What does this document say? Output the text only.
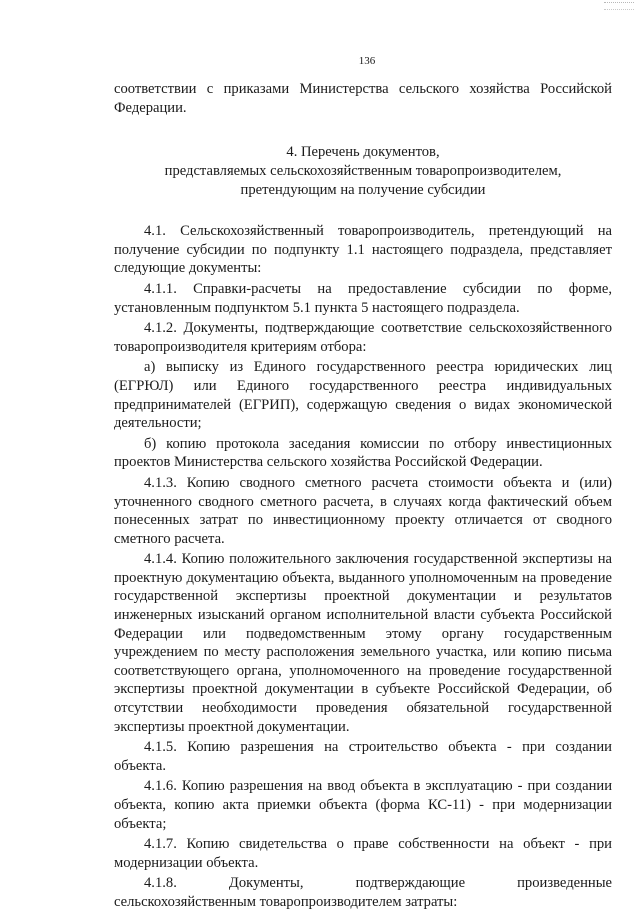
136

соответствии с приказами Министерства сельского хозяйства Российской Федерации.

4. Перечень документов,
представляемых сельскохозяйственным товаропроизводителем,
претендующим на получение субсидии

4.1. Сельскохозяйственный товаропроизводитель, претендующий на получение субсидии по подпункту 1.1 настоящего подраздела, представляет следующие документы:

4.1.1. Справки-расчеты на предоставление субсидии по форме, установленным подпунктом 5.1 пункта 5 настоящего подраздела.

4.1.2. Документы, подтверждающие соответствие сельскохозяйственного товаропроизводителя критериям отбора:

а) выписку из Единого государственного реестра юридических лиц (ЕГРЮЛ) или Единого государственного реестра индивидуальных предпринимателей (ЕГРИП), содержащую сведения о видах экономической деятельности;

б) копию протокола заседания комиссии по отбору инвестиционных проектов Министерства сельского хозяйства Российской Федерации.

4.1.3. Копию сводного сметного расчета стоимости объекта и (или) уточненного сводного сметного расчета, в случаях когда фактический объем понесенных затрат по инвестиционному проекту отличается от сводного сметного расчета.

4.1.4. Копию положительного заключения государственной экспертизы на проектную документацию объекта, выданного уполномоченным на проведение государственной экспертизы проектной документации и результатов инженерных изысканий органом исполнительной власти субъекта Российской Федерации или подведомственным этому органу государственным учреждением по месту расположения земельного участка, или копию письма соответствующего органа, уполномоченного на проведение государственной экспертизы проектной документации в субъекте Российской Федерации, об отсутствии необходимости проведения обязательной государственной экспертизы проектной документации.

4.1.5. Копию разрешения на строительство объекта - при создании объекта.

4.1.6. Копию разрешения на ввод объекта в эксплуатацию - при создании объекта, копию акта приемки объекта (форма КС-11) - при модернизации объекта;

4.1.7. Копию свидетельства о праве собственности на объект - при модернизации объекта.

4.1.8. Документы, подтверждающие произведенные сельскохозяйственным товаропроизводителем затраты:
